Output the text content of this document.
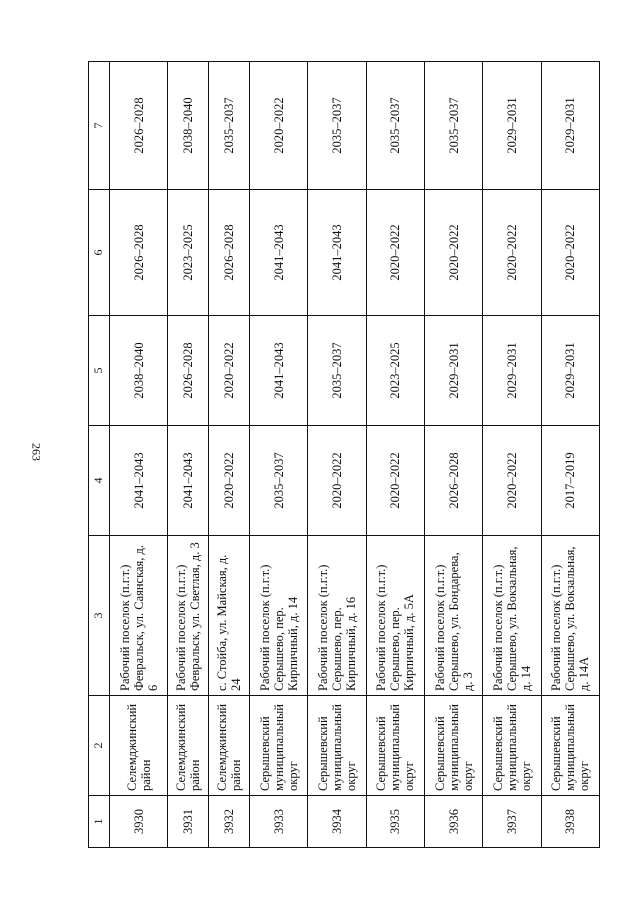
263
1	2	3	4	5	6	7
3930	Селемджинский район	Рабочий поселок (п.г.т.) Февральск, ул. Саянская, д. 6	2041–2043	2038–2040	2026–2028	2026–2028
3931	Селемджинский район	Рабочий поселок (п.г.т.) Февральск, ул. Светлая, д. 3	2041–2043	2026–2028	2023–2025	2038–2040
3932	Селемджинский район	с. Стойба, ул. Майская, д. 24	2020–2022	2020–2022	2026–2028	2035–2037
3933	Серышевский муниципальный округ	Рабочий поселок (п.г.т.) Серышево, пер. Кирпичный, д. 14	2035–2037	2041–2043	2041–2043	2020–2022
3934	Серышевский муниципальный округ	Рабочий поселок (п.г.т.) Серышево, пер. Кирпичный, д. 16	2020–2022	2035–2037	2041–2043	2035–2037
3935	Серышевский муниципальный округ	Рабочий поселок (п.г.т.) Серышево, пер. Кирпичный, д. 5А	2020–2022	2023–2025	2020–2022	2035–2037
3936	Серышевский муниципальный округ	Рабочий поселок (п.г.т.) Серышево, ул. Бондарева, д. 3	2026–2028	2029–2031	2020–2022	2035–2037
3937	Серышевский муниципальный округ	Рабочий поселок (п.г.т.) Серышево, ул. Вокзальная, д. 14	2020–2022	2029–2031	2020–2022	2029–2031
3938	Серышевский муниципальный округ	Рабочий поселок (п.г.т.) Серышево, ул. Вокзальная, д. 14А	2017–2019	2029–2031	2020–2022	2029–2031
